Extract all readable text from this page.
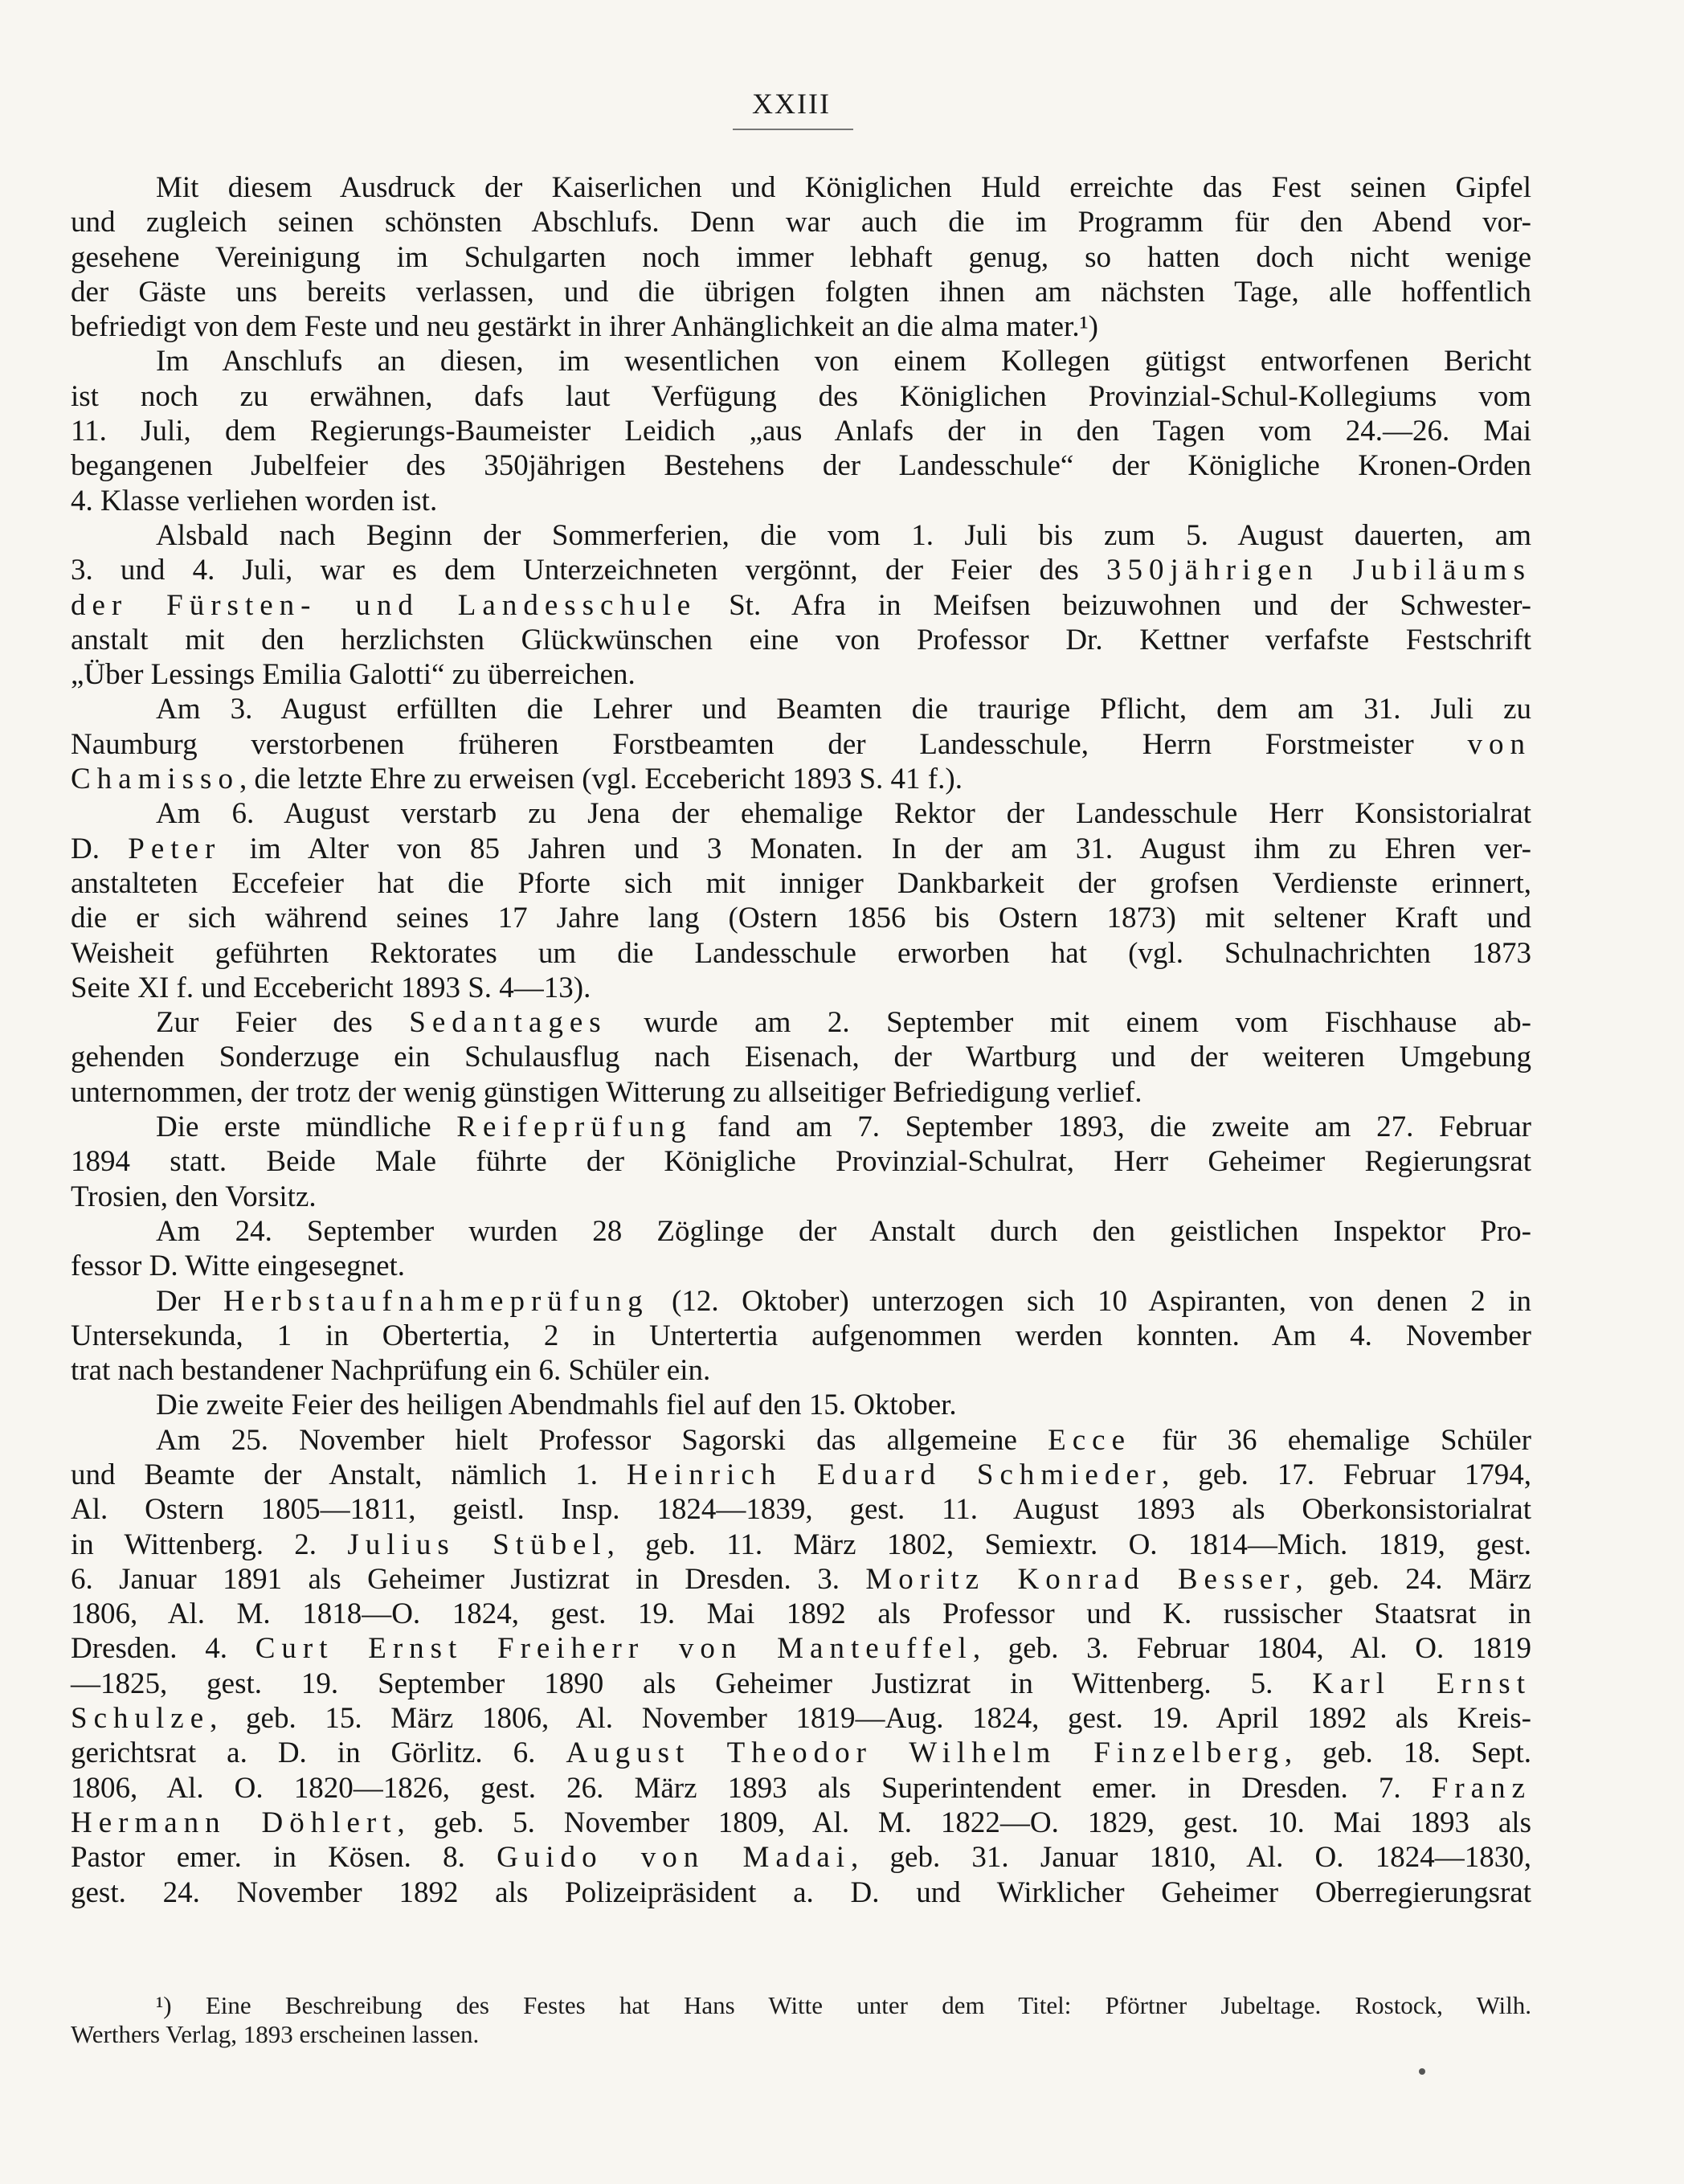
XXIII
Mit diesem Ausdruck der Kaiserlichen und Königlichen Huld erreichte das Fest seinen Gipfel
und zugleich seinen schönsten Abschlufs. Denn war auch die im Programm für den Abend vor-
gesehene Vereinigung im Schulgarten noch immer lebhaft genug, so hatten doch nicht wenige
der Gäste uns bereits verlassen, und die übrigen folgten ihnen am nächsten Tage, alle hoffentlich
befriedigt von dem Feste und neu gestärkt in ihrer Anhänglichkeit an die alma mater.¹)
Im Anschlufs an diesen, im wesentlichen von einem Kollegen gütigst entworfenen Bericht
ist noch zu erwähnen, dafs laut Verfügung des Königlichen Provinzial-Schul-Kollegiums vom
11. Juli, dem Regierungs-Baumeister Leidich „aus Anlafs der in den Tagen vom 24.—26. Mai
begangenen Jubelfeier des 350jährigen Bestehens der Landesschule“ der Königliche Kronen-Orden
4. Klasse verliehen worden ist.
Alsbald nach Beginn der Sommerferien, die vom 1. Juli bis zum 5. August dauerten, am
3. und 4. Juli, war es dem Unterzeichneten vergönnt, der Feier des 350jährigen Jubiläums
der Fürsten- und Landesschule St. Afra in Meifsen beizuwohnen und der Schwester-
anstalt mit den herzlichsten Glückwünschen eine von Professor Dr. Kettner verfafste Festschrift
„Über Lessings Emilia Galotti“ zu überreichen.
Am 3. August erfüllten die Lehrer und Beamten die traurige Pflicht, dem am 31. Juli zu
Naumburg verstorbenen früheren Forstbeamten der Landesschule, Herrn Forstmeister von
Chamisso, die letzte Ehre zu erweisen (vgl. Eccebericht 1893 S. 41 f.).
Am 6. August verstarb zu Jena der ehemalige Rektor der Landesschule Herr Konsistorialrat
D. Peter im Alter von 85 Jahren und 3 Monaten. In der am 31. August ihm zu Ehren ver-
anstalteten Eccefeier hat die Pforte sich mit inniger Dankbarkeit der grofsen Verdienste erinnert,
die er sich während seines 17 Jahre lang (Ostern 1856 bis Ostern 1873) mit seltener Kraft und
Weisheit geführten Rektorates um die Landesschule erworben hat (vgl. Schulnachrichten 1873
Seite XI f. und Eccebericht 1893 S. 4—13).
Zur Feier des Sedantages wurde am 2. September mit einem vom Fischhause ab-
gehenden Sonderzuge ein Schulausflug nach Eisenach, der Wartburg und der weiteren Umgebung
unternommen, der trotz der wenig günstigen Witterung zu allseitiger Befriedigung verlief.
Die erste mündliche Reifeprüfung fand am 7. September 1893, die zweite am 27. Februar
1894 statt. Beide Male führte der Königliche Provinzial-Schulrat, Herr Geheimer Regierungsrat
Trosien, den Vorsitz.
Am 24. September wurden 28 Zöglinge der Anstalt durch den geistlichen Inspektor Pro-
fessor D. Witte eingesegnet.
Der Herbstaufnahmeprüfung (12. Oktober) unterzogen sich 10 Aspiranten, von denen 2 in
Untersekunda, 1 in Obertertia, 2 in Untertertia aufgenommen werden konnten. Am 4. November
trat nach bestandener Nachprüfung ein 6. Schüler ein.
Die zweite Feier des heiligen Abendmahls fiel auf den 15. Oktober.
Am 25. November hielt Professor Sagorski das allgemeine Ecce für 36 ehemalige Schüler
und Beamte der Anstalt, nämlich 1. Heinrich Eduard Schmieder, geb. 17. Februar 1794,
Al. Ostern 1805—1811, geistl. Insp. 1824—1839, gest. 11. August 1893 als Oberkonsistorialrat
in Wittenberg. 2. Julius Stübel, geb. 11. März 1802, Semiextr. O. 1814—Mich. 1819, gest.
6. Januar 1891 als Geheimer Justizrat in Dresden. 3. Moritz Konrad Besser, geb. 24. März
1806, Al. M. 1818—O. 1824, gest. 19. Mai 1892 als Professor und K. russischer Staatsrat in
Dresden. 4. Curt Ernst Freiherr von Manteuffel, geb. 3. Februar 1804, Al. O. 1819
—1825, gest. 19. September 1890 als Geheimer Justizrat in Wittenberg. 5. Karl Ernst
Schulze, geb. 15. März 1806, Al. November 1819—Aug. 1824, gest. 19. April 1892 als Kreis-
gerichtsrat a. D. in Görlitz. 6. August Theodor Wilhelm Finzelberg, geb. 18. Sept.
1806, Al. O. 1820—1826, gest. 26. März 1893 als Superintendent emer. in Dresden. 7. Franz
Hermann Döhlert, geb. 5. November 1809, Al. M. 1822—O. 1829, gest. 10. Mai 1893 als
Pastor emer. in Kösen. 8. Guido von Madai, geb. 31. Januar 1810, Al. O. 1824—1830,
gest. 24. November 1892 als Polizeipräsident a. D. und Wirklicher Geheimer Oberregierungsrat
¹) Eine Beschreibung des Festes hat Hans Witte unter dem Titel: Pförtner Jubeltage. Rostock, Wilh.
Werthers Verlag, 1893 erscheinen lassen.
